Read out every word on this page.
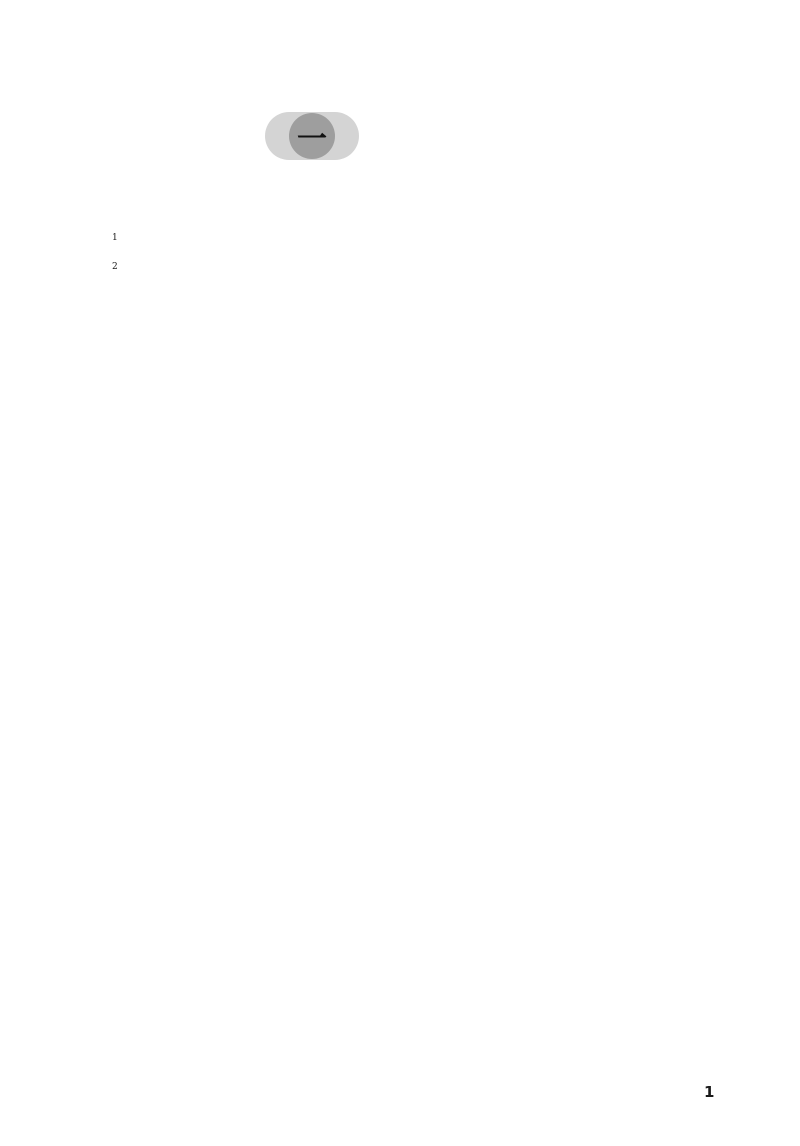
一

$_1$

$_2$

1
